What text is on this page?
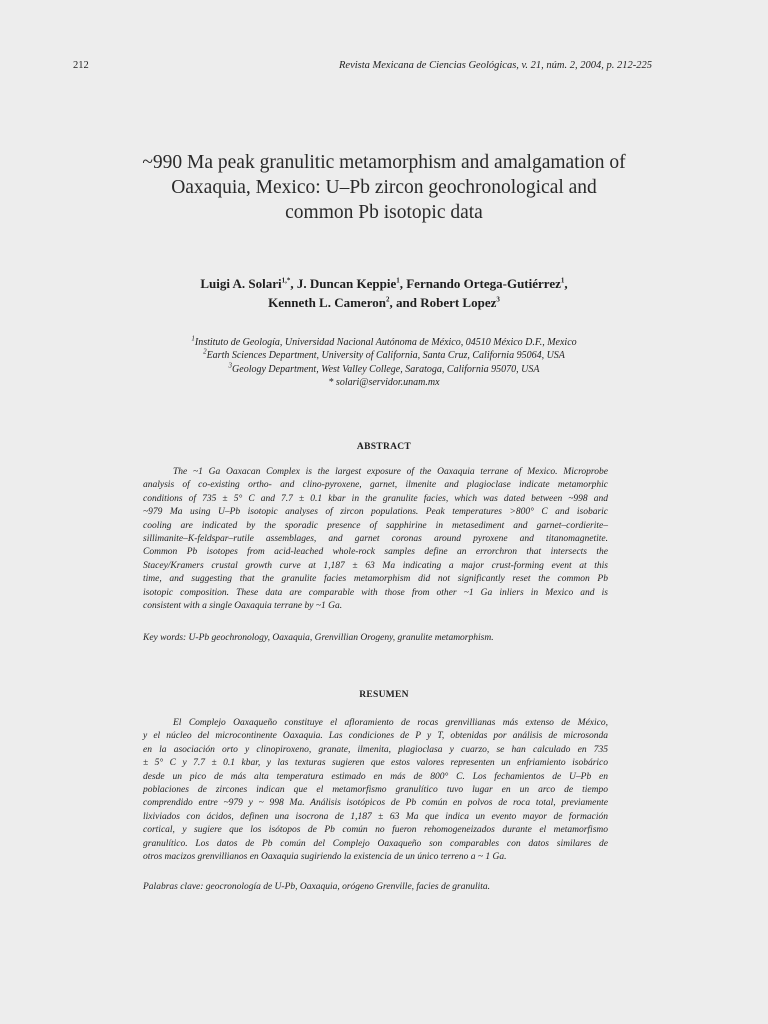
212	Revista Mexicana de Ciencias Geológicas, v. 21, núm. 2, 2004, p. 212-225
~990 Ma peak granulitic metamorphism and amalgamation of
Oaxaquia, Mexico: U–Pb zircon geochronological and
common Pb isotopic data
Luigi A. Solari$^{1,*}$, J. Duncan Keppie$^1$, Fernando Ortega-Gutiérrez$^1$,
Kenneth L. Cameron$^2$, and Robert Lopez$^3$
$^1$Instituto de Geología, Universidad Nacional Autónoma de México, 04510 México D.F., Mexico
$^2$Earth Sciences Department, University of California, Santa Cruz, California 95064, USA
$^3$Geology Department, West Valley College, Saratoga, California 95070, USA
* solari@servidor.unam.mx
ABSTRACT
The ~1 Ga Oaxacan Complex is the largest exposure of the Oaxaquia terrane of Mexico. Microprobe
analysis of co-existing ortho- and clino-pyroxene, garnet, ilmenite and plagioclase indicate metamorphic
conditions of 735 ± 5° C and 7.7 ± 0.1 kbar in the granulite facies, which was dated between ~998 and
~979 Ma using U–Pb isotopic analyses of zircon populations. Peak temperatures >800° C and isobaric
cooling are indicated by the sporadic presence of sapphirine in metasediment and garnet–cordierite–
sillimanite–K-feldspar–rutile assemblages, and garnet coronas around pyroxene and titanomagnetite.
Common Pb isotopes from acid-leached whole-rock samples define an errorchron that intersects the
Stacey/Kramers crustal growth curve at 1,187 ± 63 Ma indicating a major crust-forming event at this
time, and suggesting that the granulite facies metamorphism did not significantly reset the common Pb
isotopic composition. These data are comparable with those from other ~1 Ga inliers in Mexico and is
consistent with a single Oaxaquia terrane by ~1 Ga.
Key words: U-Pb geochronology, Oaxaquia, Grenvillian Orogeny, granulite metamorphism.
RESUMEN
El Complejo Oaxaqueño constituye el afloramiento de rocas grenvillianas más extenso de México,
y el núcleo del microcontinente Oaxaquia. Las condiciones de P y T, obtenidas por análisis de microsonda
en la asociación orto y clinopiroxeno, granate, ilmenita, plagioclasa y cuarzo, se han calculado en 735
± 5° C y 7.7 ± 0.1 kbar, y las texturas sugieren que estos valores representen un enfriamiento isobárico
desde un pico de más alta temperatura estimado en más de 800° C. Los fechamientos de U–Pb en
poblaciones de zircones indican que el metamorfismo granulítico tuvo lugar en un arco de tiempo
comprendido entre ~979 y ~ 998 Ma. Análisis isotópicos de Pb común en polvos de roca total, previamente
lixiviados con ácidos, definen una isocrona de 1,187 ± 63 Ma que indica un evento mayor de formación
cortical, y sugiere que los isótopos de Pb común no fueron rehomogeneizados durante el metamorfismo
granulítico. Los datos de Pb común del Complejo Oaxaqueño son comparables con datos similares de
otros macizos grenvillianos en Oaxaquia sugiriendo la existencia de un único terreno a ~ 1 Ga.
Palabras clave: geocronología de U-Pb, Oaxaquia, orógeno Grenville, facies de granulita.
